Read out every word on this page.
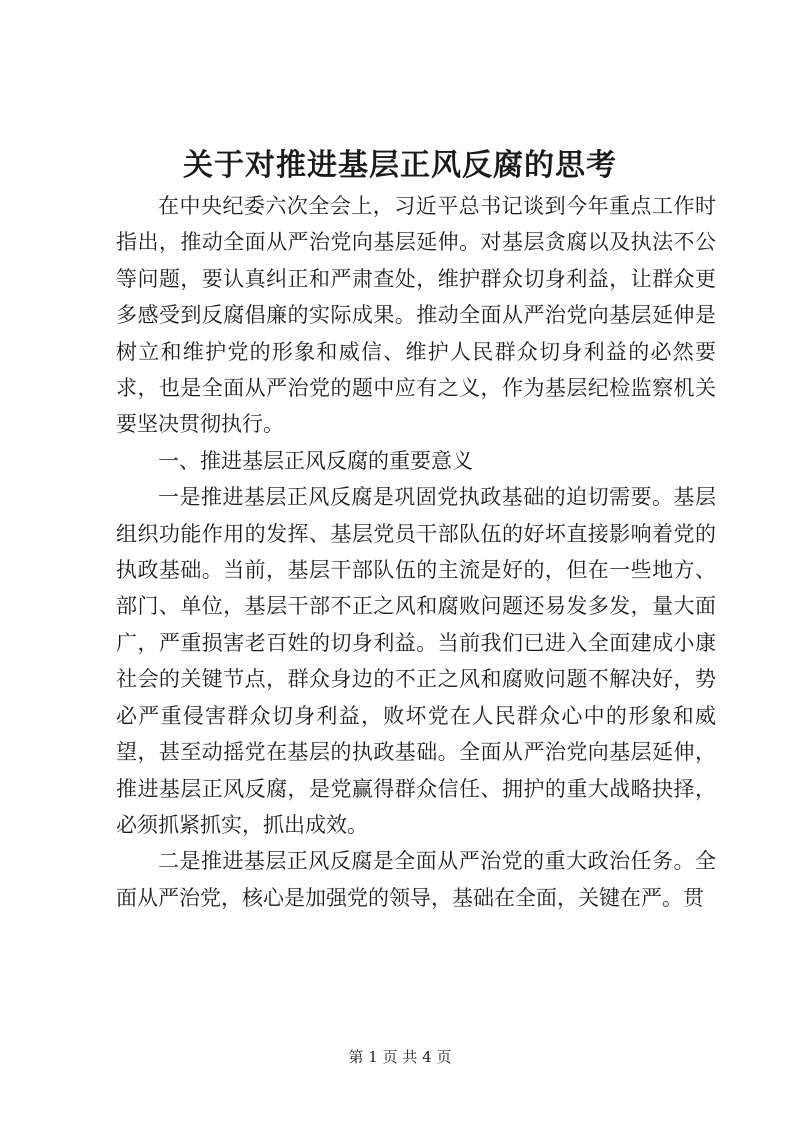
关于对推进基层正风反腐的思考

在中央纪委六次全会上，习近平总书记谈到今年重点工作时指出，推动全面从严治党向基层延伸。对基层贪腐以及执法不公等问题，要认真纠正和严肃查处，维护群众切身利益，让群众更多感受到反腐倡廉的实际成果。推动全面从严治党向基层延伸是树立和维护党的形象和威信、维护人民群众切身利益的必然要求，也是全面从严治党的题中应有之义，作为基层纪检监察机关要坚决贯彻执行。

一、推进基层正风反腐的重要意义

一是推进基层正风反腐是巩固党执政基础的迫切需要。基层组织功能作用的发挥、基层党员干部队伍的好坏直接影响着党的执政基础。当前，基层干部队伍的主流是好的，但在一些地方、部门、单位，基层干部不正之风和腐败问题还易发多发，量大面广，严重损害老百姓的切身利益。当前我们已进入全面建成小康社会的关键节点，群众身边的不正之风和腐败问题不解决好，势必严重侵害群众切身利益，败坏党在人民群众心中的形象和威望，甚至动摇党在基层的执政基础。全面从严治党向基层延伸，推进基层正风反腐，是党赢得群众信任、拥护的重大战略抉择，必须抓紧抓实，抓出成效。

二是推进基层正风反腐是全面从严治党的重大政治任务。全面从严治党，核心是加强党的领导，基础在全面，关键在严。贯

第 1 页 共 4 页
